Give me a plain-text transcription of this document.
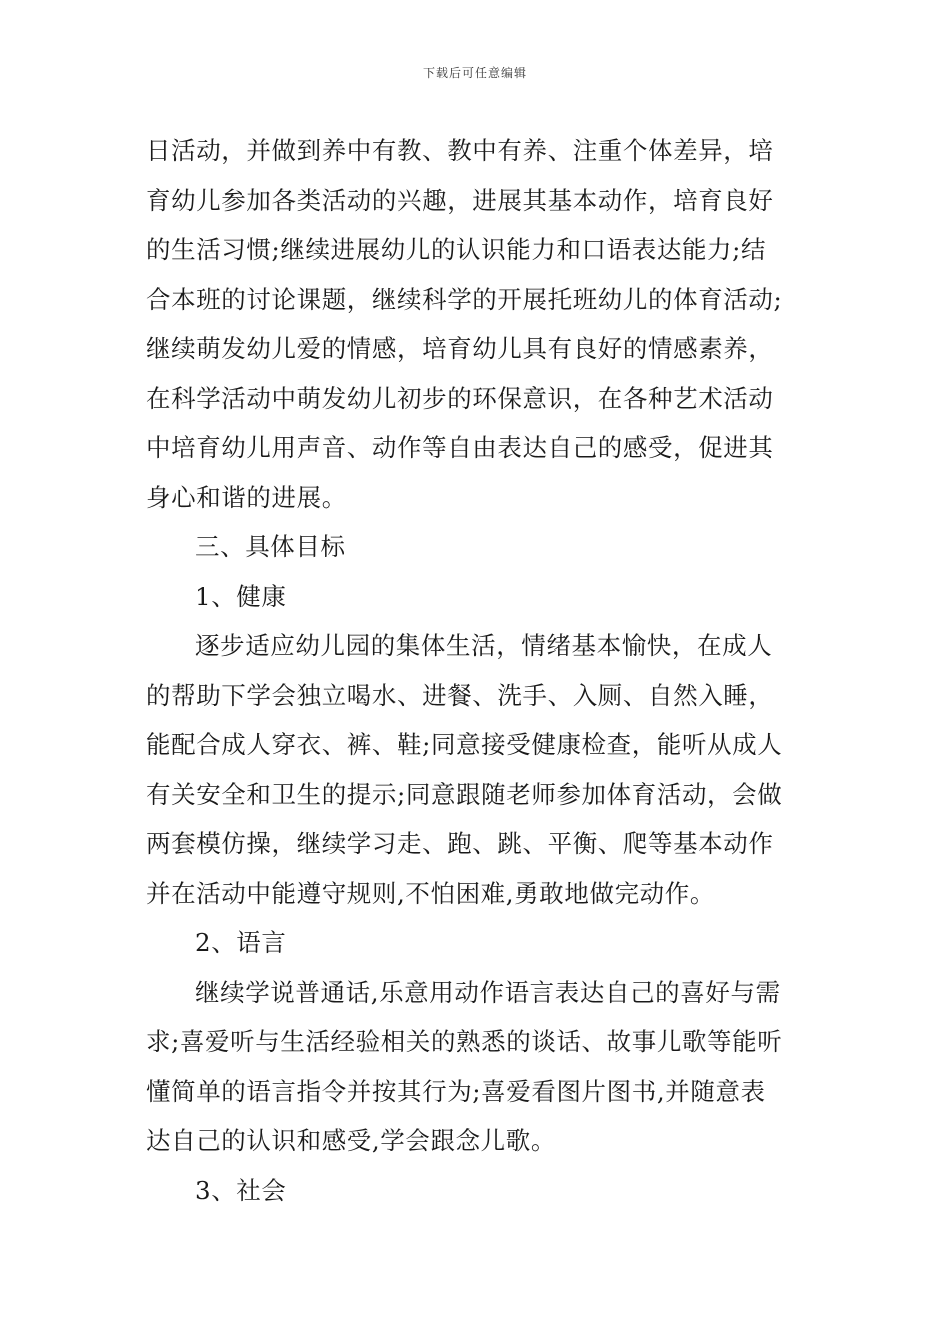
下载后可任意编辑
日活动，并做到养中有教、教中有养、注重个体差异，培
育幼儿参加各类活动的兴趣，进展其基本动作，培育良好
的生活习惯;继续进展幼儿的认识能力和口语表达能力;结
合本班的讨论课题，继续科学的开展托班幼儿的体育活动;
继续萌发幼儿爱的情感，培育幼儿具有良好的情感素养，
在科学活动中萌发幼儿初步的环保意识，在各种艺术活动
中培育幼儿用声音、动作等自由表达自己的感受，促进其
身心和谐的进展。
三、具体目标
1、健康
逐步适应幼儿园的集体生活，情绪基本愉快，在成人
的帮助下学会独立喝水、进餐、洗手、入厕、自然入睡，
能配合成人穿衣、裤、鞋;同意接受健康检查，能听从成人
有关安全和卫生的提示;同意跟随老师参加体育活动，会做
两套模仿操，继续学习走、跑、跳、平衡、爬等基本动作
并在活动中能遵守规则,不怕困难,勇敢地做完动作。
2、语言
继续学说普通话,乐意用动作语言表达自己的喜好与需
求;喜爱听与生活经验相关的熟悉的谈话、故事儿歌等能听
懂简单的语言指令并按其行为;喜爱看图片图书,并随意表
达自己的认识和感受,学会跟念儿歌。
3、社会
